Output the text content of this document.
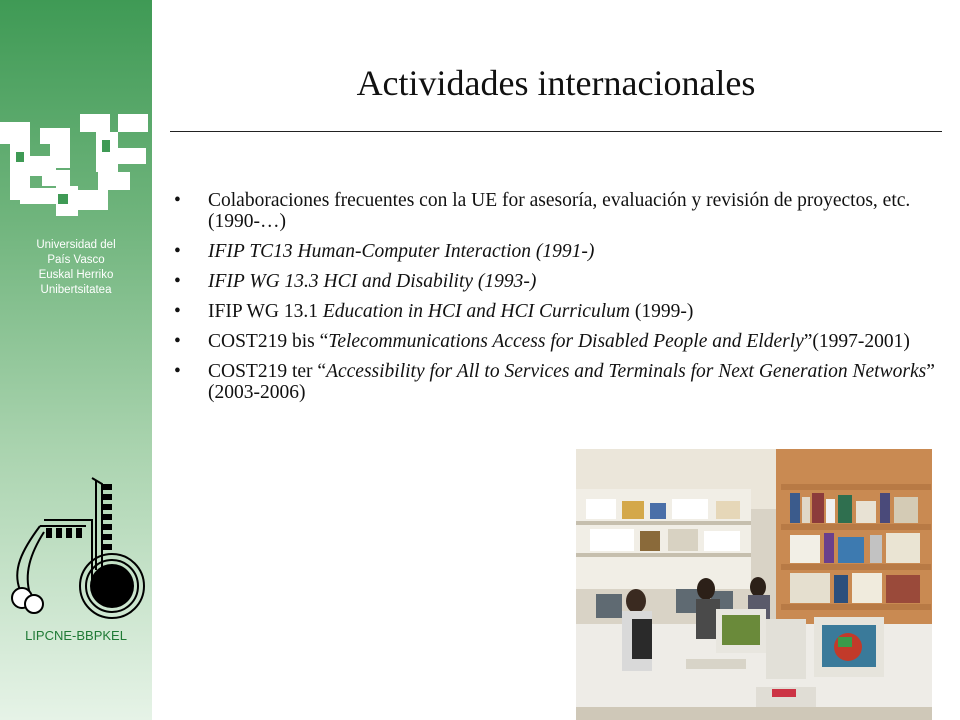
Universidad del
País Vasco
Euskal Herriko
Unibertsitatea
LIPCNE-BBPKEL
Actividades internacionales
• Colaboraciones frecuentes con la UE for asesoría, evaluación y revisión de proyectos, etc. (1990-…)
• IFIP TC13 Human-Computer Interaction (1991-)
• IFIP WG 13.3 HCI and Disability (1993-)
• IFIP WG 13.1 Education in HCI and HCI Curriculum (1999-)
• COST219 bis “Telecommunications Access for Disabled People and Elderly”(1997-2001)
• COST219 ter “Accessibility for All to Services and Terminals for Next Generation Networks” (2003-2006)
